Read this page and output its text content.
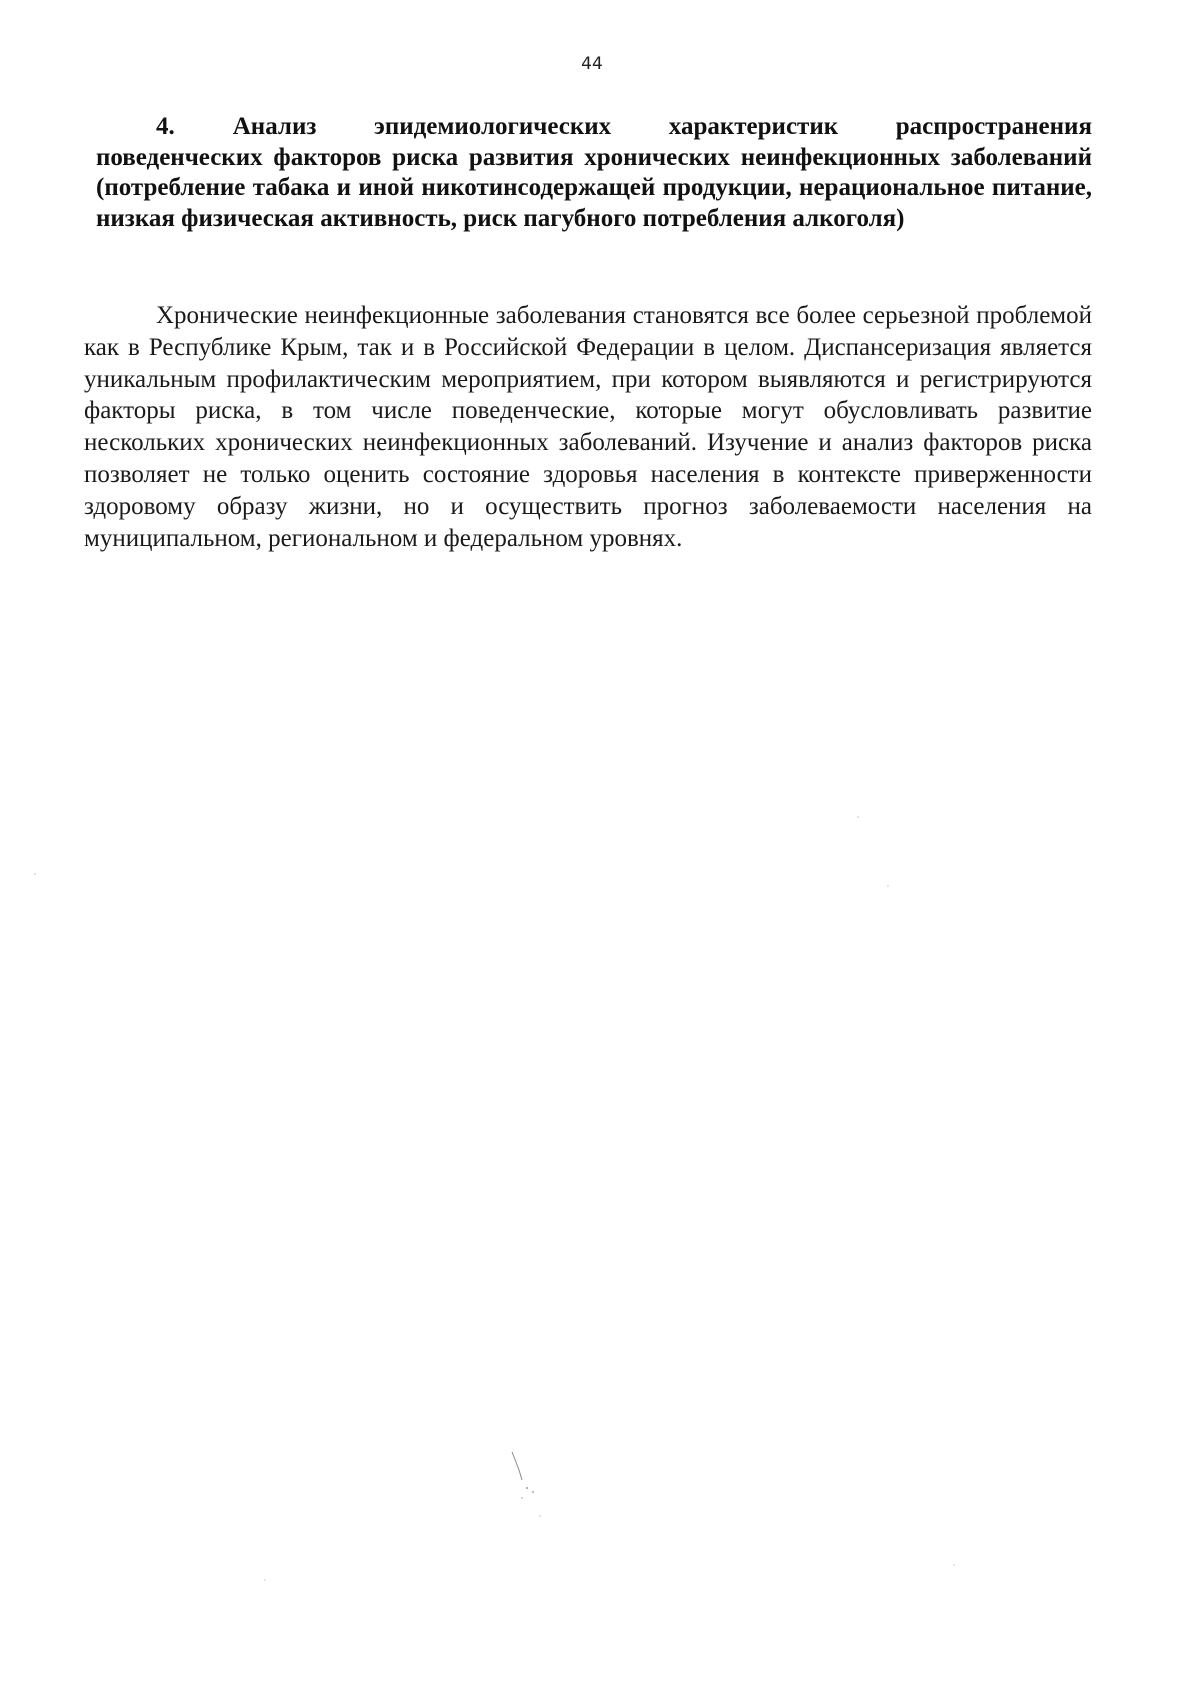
44
4. Анализ эпидемиологических характеристик распространения поведенческих факторов риска развития хронических неинфекционных заболеваний (потребление табака и иной никотинсодержащей продукции, нерациональное питание, низкая физическая активность, риск пагубного потребления алкоголя)

Хронические неинфекционные заболевания становятся все более серьезной проблемой как в Республике Крым, так и в Российской Федерации в целом. Диспансеризация является уникальным профилактическим мероприятием, при котором выявляются и регистрируются факторы риска, в том числе поведенческие, которые могут обусловливать развитие нескольких хронических неинфекционных заболеваний. Изучение и анализ факторов риска позволяет не только оценить состояние здоровья населения в контексте приверженности здоровому образу жизни, но и осуществить прогноз заболеваемости населения на муниципальном, региональном и федеральном уровнях.
